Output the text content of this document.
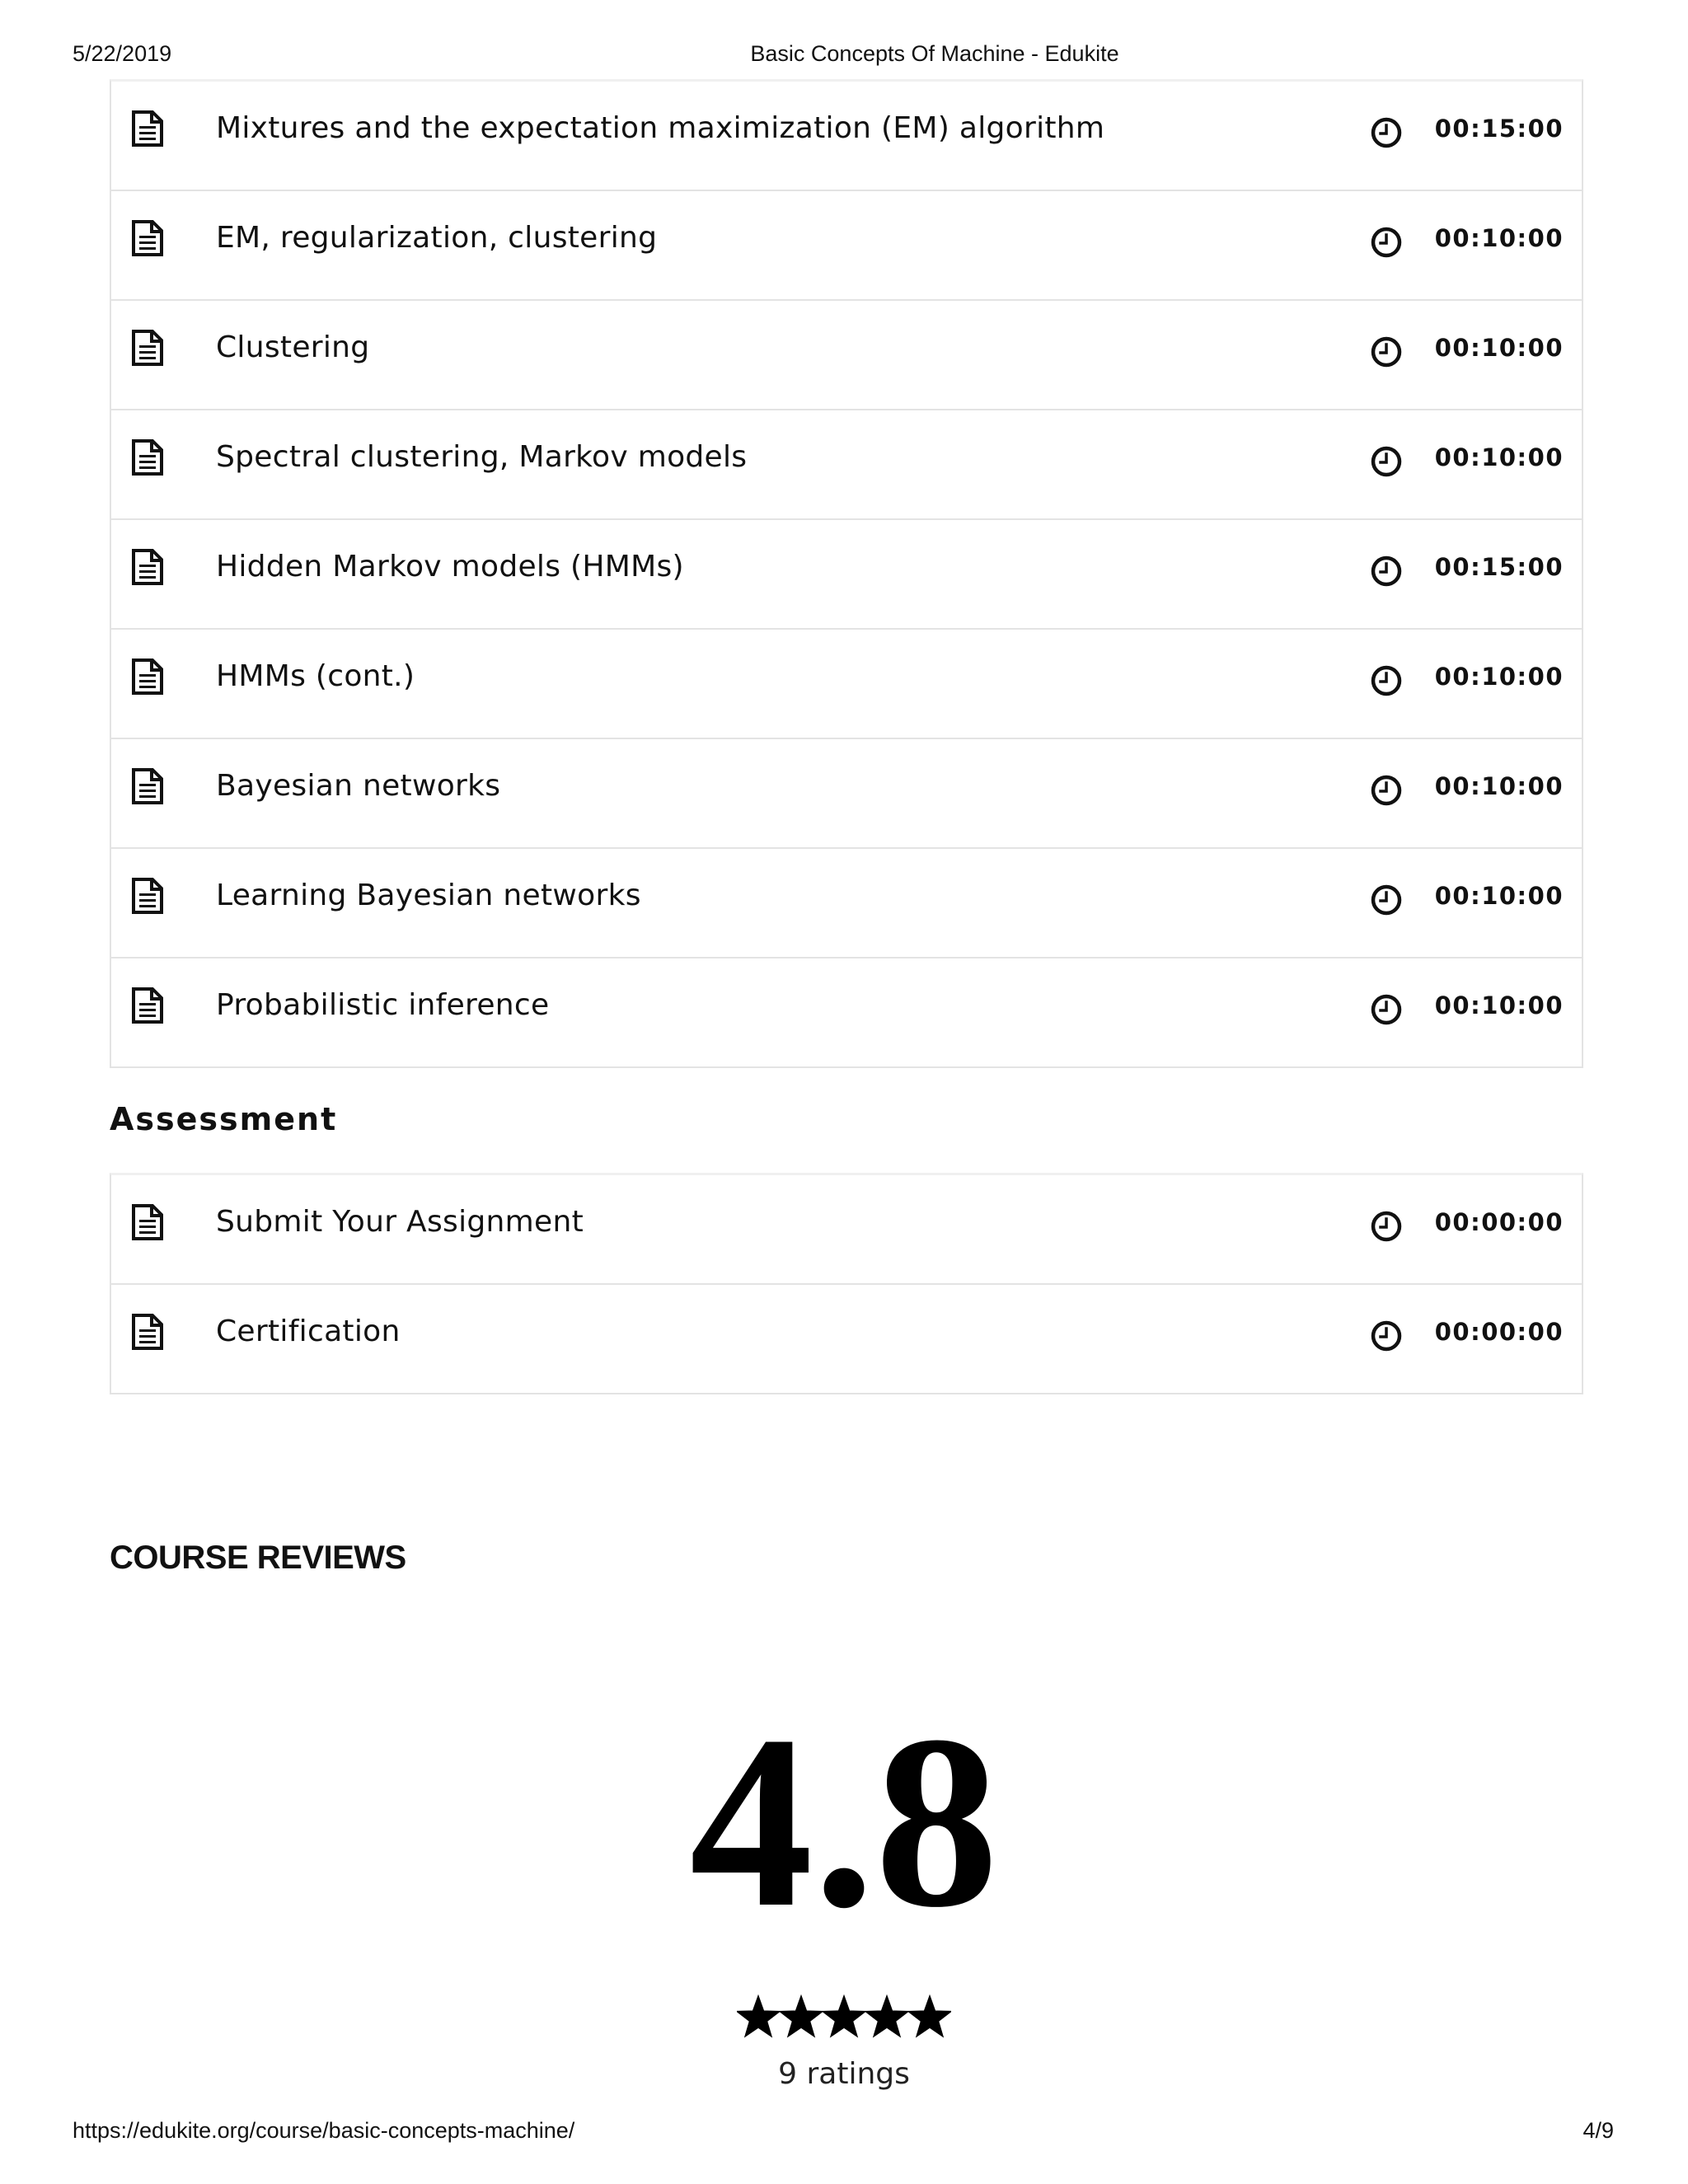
5/22/2019	Basic Concepts Of Machine - Edukite
Mixtures and the expectation maximization (EM) algorithm	00:15:00
EM, regularization, clustering	00:10:00
Clustering	00:10:00
Spectral clustering, Markov models	00:10:00
Hidden Markov models (HMMs)	00:15:00
HMMs (cont.)	00:10:00
Bayesian networks	00:10:00
Learning Bayesian networks	00:10:00
Probabilistic inference	00:10:00
Assessment
Submit Your Assignment	00:00:00
Certification	00:00:00
COURSE REVIEWS
4.8
9 ratings
https://edukite.org/course/basic-concepts-machine/	4/9
